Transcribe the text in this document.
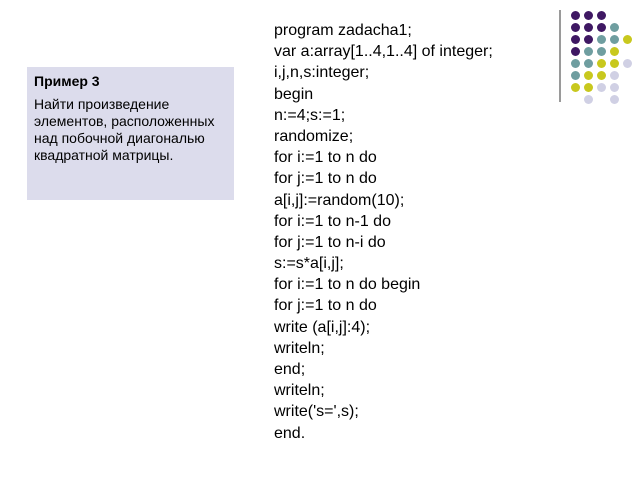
Пример 3
Найти произведение элементов, расположенных над побочной диагональю квадратной матрицы.
program zadacha1;
var a:array[1..4,1..4] of integer;
i,j,n,s:integer;
begin
n:=4;s:=1;
randomize;
for i:=1 to n do
for j:=1 to n do
a[i,j]:=random(10);
for i:=1 to n-1 do
for j:=1 to n-i do
s:=s*a[i,j];
for i:=1 to n do begin
for j:=1 to n do
write (a[i,j]:4);
writeln;
end;
writeln;
write('s=',s);
end.
